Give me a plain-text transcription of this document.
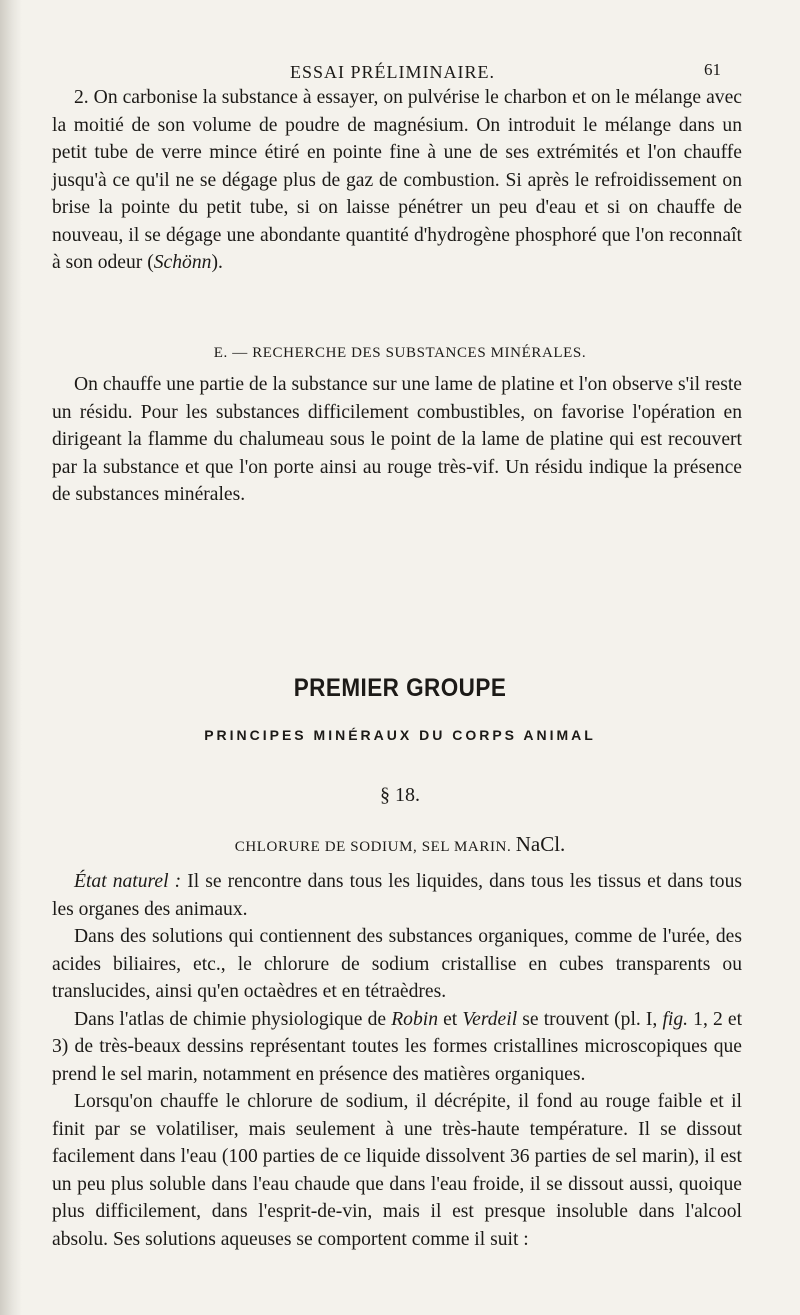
ESSAI PRÉLIMINAIRE.	61

2. On carbonise la substance à essayer, on pulvérise le charbon et on le mélange avec la moitié de son volume de poudre de magnésium. On introduit le mélange dans un petit tube de verre mince étiré en pointe fine à une de ses extrémités et l'on chauffe jusqu'à ce qu'il ne se dégage plus de gaz de combustion. Si après le refroidissement on brise la pointe du petit tube, si on laisse pénétrer un peu d'eau et si on chauffe de nouveau, il se dégage une abondante quantité d'hydrogène phosphoré que l'on reconnaît à son odeur (Schönn).

E. — RECHERCHE DES SUBSTANCES MINÉRALES.

On chauffe une partie de la substance sur une lame de platine et l'on observe s'il reste un résidu. Pour les substances difficilement combustibles, on favorise l'opération en dirigeant la flamme du chalumeau sous le point de la lame de platine qui est recouvert par la substance et que l'on porte ainsi au rouge très-vif. Un résidu indique la présence de substances minérales.

PREMIER GROUPE
PRINCIPES MINÉRAUX DU CORPS ANIMAL
§ 18.
CHLORURE DE SODIUM, SEL MARIN. NaCl.

État naturel : Il se rencontre dans tous les liquides, dans tous les tissus et dans tous les organes des animaux.

Dans des solutions qui contiennent des substances organiques, comme de l'urée, des acides biliaires, etc., le chlorure de sodium cristallise en cubes transparents ou translucides, ainsi qu'en octaèdres et en tétraèdres.

Dans l'atlas de chimie physiologique de Robin et Verdeil se trouvent (pl. I, fig. 1, 2 et 3) de très-beaux dessins représentant toutes les formes cristallines microscopiques que prend le sel marin, notamment en présence des matières organiques.

Lorsqu'on chauffe le chlorure de sodium, il décrépite, il fond au rouge faible et il finit par se volatiliser, mais seulement à une très-haute température. Il se dissout facilement dans l'eau (100 parties de ce liquide dissolvent 36 parties de sel marin), il est un peu plus soluble dans l'eau chaude que dans l'eau froide, il se dissout aussi, quoique plus difficilement, dans l'esprit-de-vin, mais il est presque insoluble dans l'alcool absolu. Ses solutions aqueuses se comportent comme il suit :
